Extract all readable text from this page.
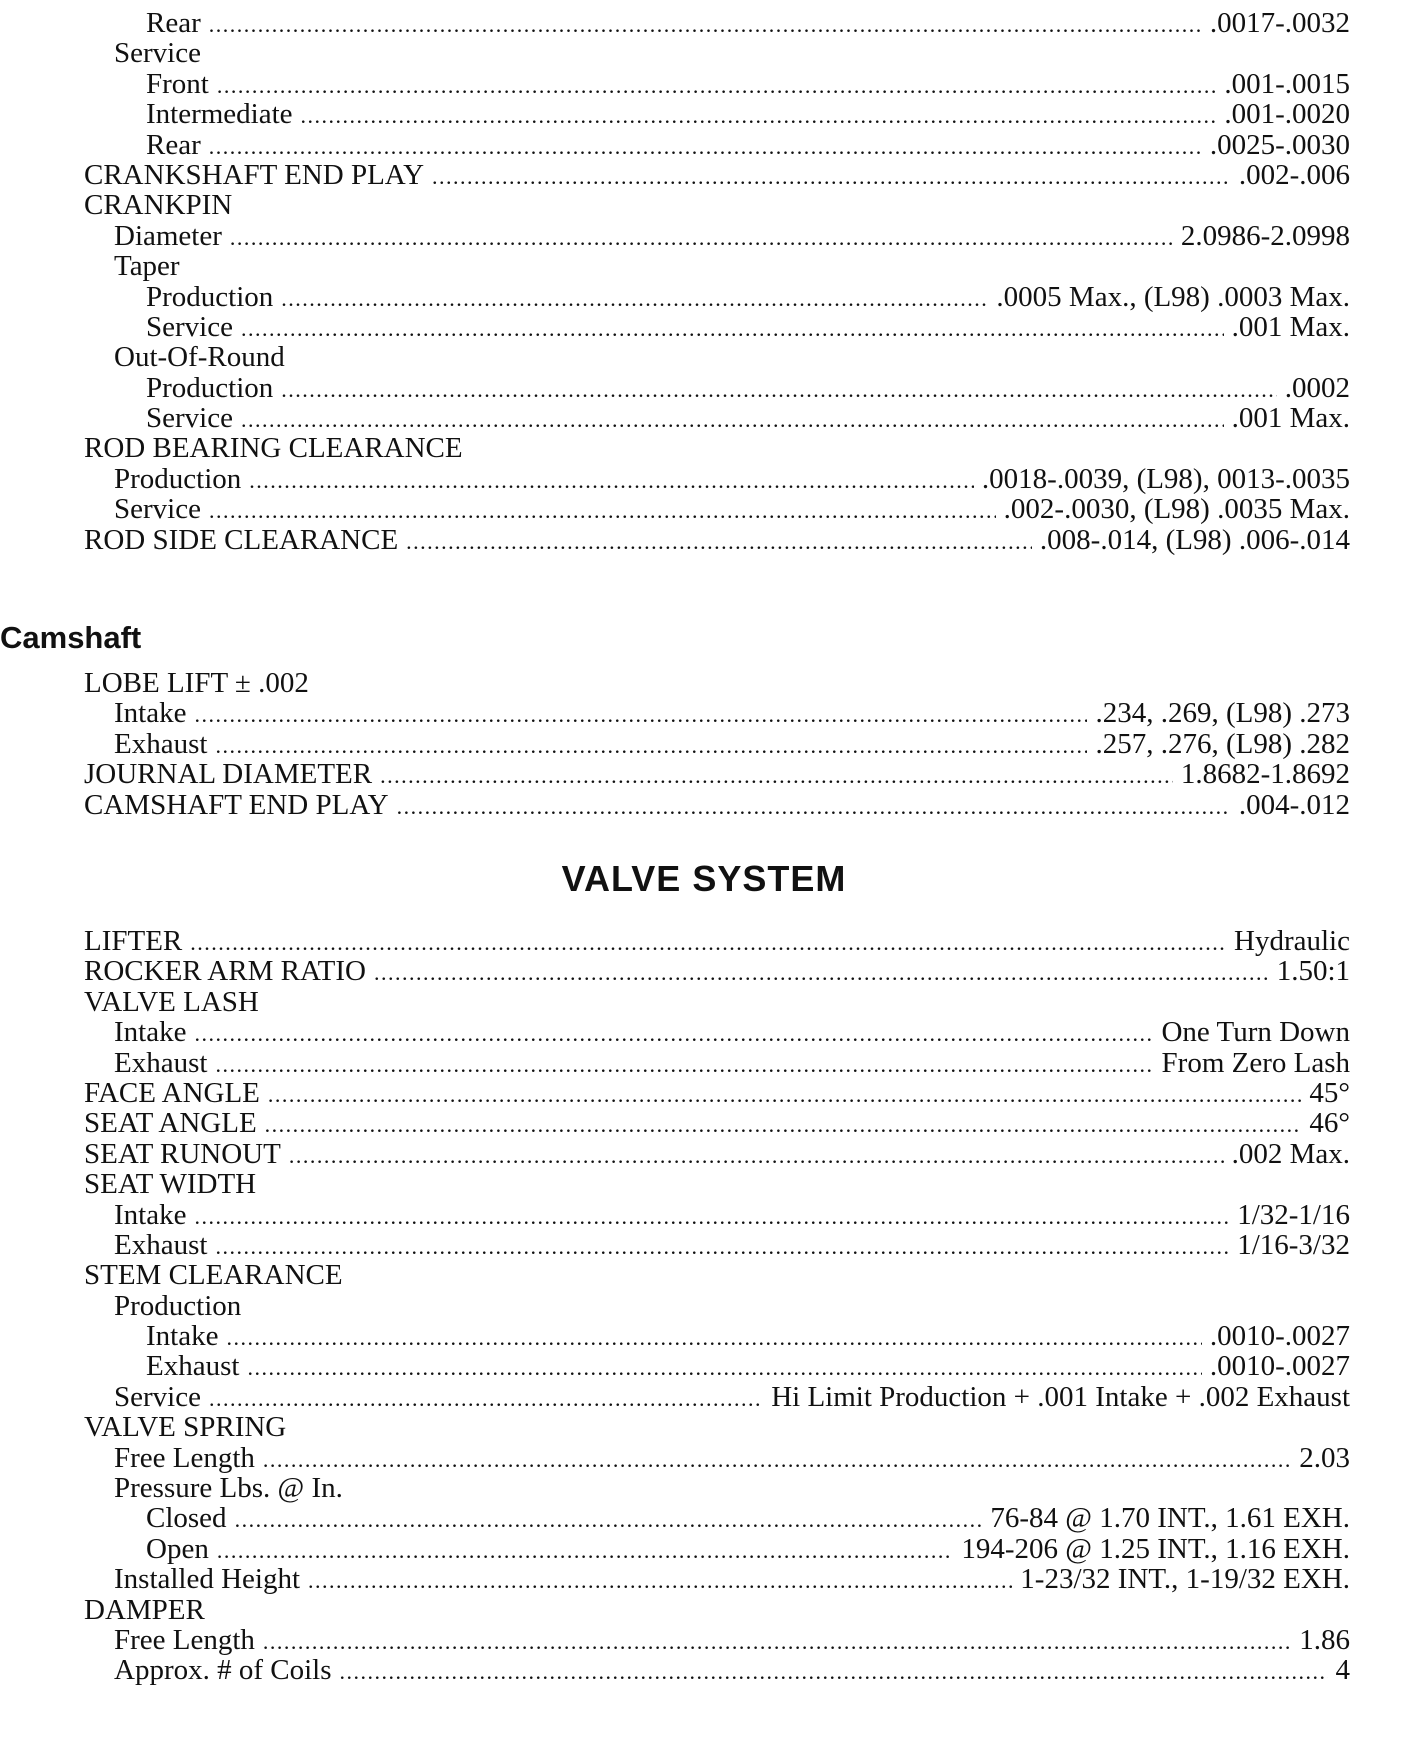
Rear .....	.0017-.0032
Service
Front .....	.001-.0015
Intermediate .....	.001-.0020
Rear .....	.0025-.0030
CRANKSHAFT END PLAY .....	.002-.006
CRANKPIN
Diameter .....	2.0986-2.0998
Taper
Production .....	.0005 Max., (L98) .0003 Max.
Service .....	.001 Max.
Out-Of-Round
Production .....	.0002
Service .....	.001 Max.
ROD BEARING CLEARANCE
Production .....	.0018-.0039, (L98), 0013-.0035
Service .....	.002-.0030, (L98) .0035 Max.
ROD SIDE CLEARANCE .....	.008-.014, (L98) .006-.014
Camshaft
LOBE LIFT ± .002
Intake .....	.234, .269, (L98) .273
Exhaust .....	.257, .276, (L98) .282
JOURNAL DIAMETER .....	1.8682-1.8692
CAMSHAFT END PLAY .....	.004-.012
VALVE SYSTEM
LIFTER .....	Hydraulic
ROCKER ARM RATIO .....	1.50:1
VALVE LASH
Intake .....	One Turn Down
Exhaust .....	From Zero Lash
FACE ANGLE .....	45°
SEAT ANGLE .....	46°
SEAT RUNOUT .....	.002 Max.
SEAT WIDTH
Intake .....	1/32-1/16
Exhaust .....	1/16-3/32
STEM CLEARANCE
Production
Intake .....	.0010-.0027
Exhaust .....	.0010-.0027
Service .....	Hi Limit Production + .001 Intake + .002 Exhaust
VALVE SPRING
Free Length .....	2.03
Pressure Lbs. @ In.
Closed .....	76-84 @ 1.70 INT., 1.61 EXH.
Open .....	194-206 @ 1.25 INT., 1.16 EXH.
Installed Height .....	1-23/32 INT., 1-19/32 EXH.
DAMPER
Free Length .....	1.86
Approx. # of Coils .....	4
